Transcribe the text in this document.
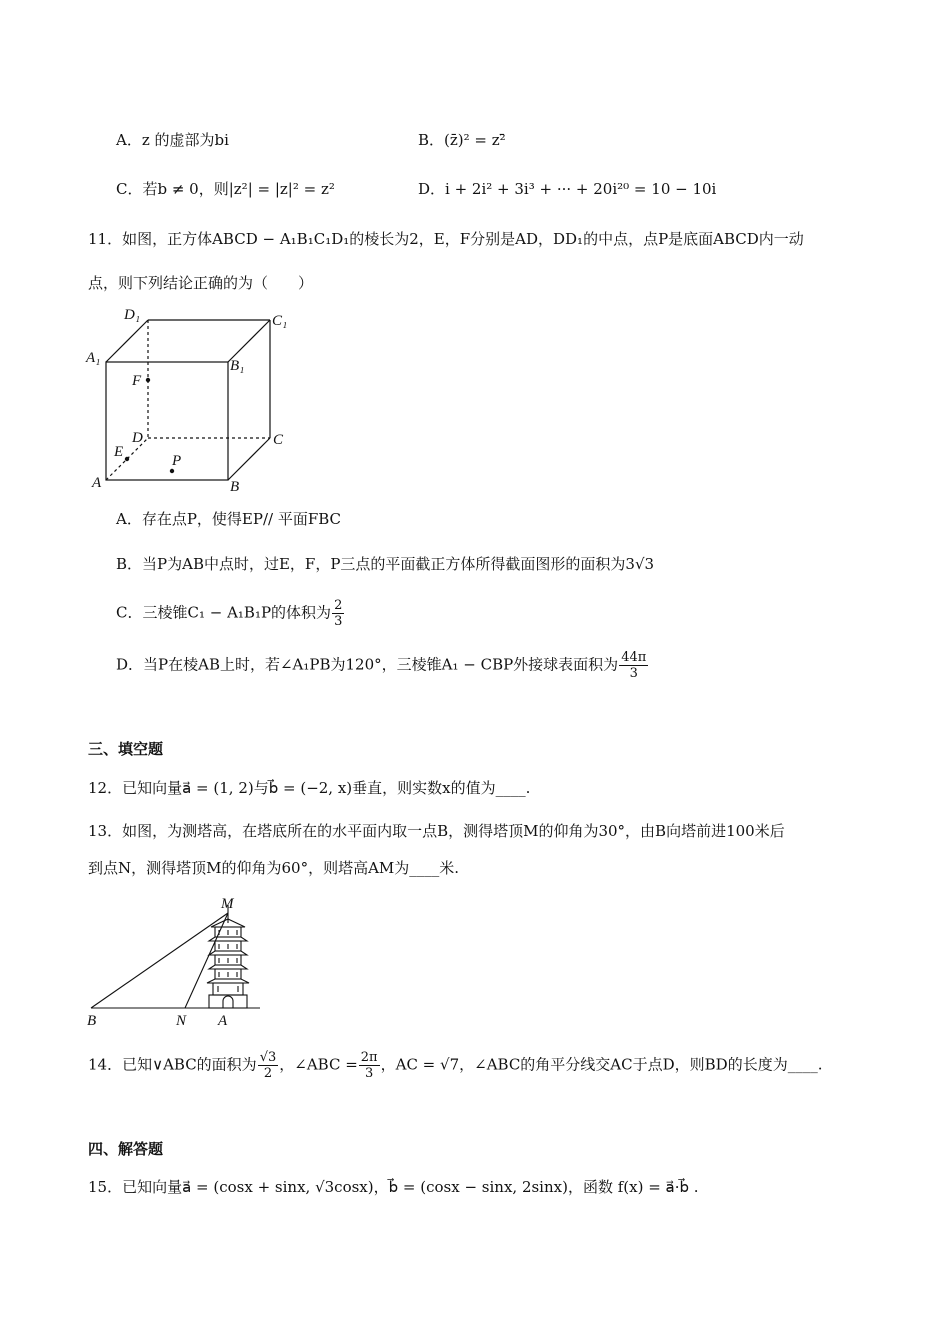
A．z 的虚部为bi	B．(z̄)² = z²̄
C．若b ≠ 0，则|z²| = |z|² = z²	D．i + 2i² + 3i³ + ··· + 20i²⁰ = 10 − 10i
11．如图，正方体ABCD − A₁B₁C₁D₁的棱长为2，E，F分别是AD，DD₁的中点，点P是底面ABCD内一动
点，则下列结论正确的为（　　）
D₁	C₁
A₁	B₁
F
D	C
E
P
A	B
A．存在点P，使得EP// 平面FBC
B．当P为AB中点时，过E，F，P三点的平面截正方体所得截面图形的面积为3√3
C．三棱锥C₁ − A₁B₁P的体积为 $\frac{2}{3}$
D．当P在棱AB上时，若∠A₁PB为120°，三棱锥A₁ − CBP外接球表面积为 $\frac{44\pi}{3}$
三、填空题
12．已知向量a⃗ = (1, 2)与b⃗ = (−2, x)垂直，则实数x的值为____.
13．如图，为测塔高，在塔底所在的水平面内取一点B，测得塔顶M的仰角为30°，由B向塔前进100米后
到点N，测得塔顶M的仰角为60°，则塔高AM为____米.
M
B	N A
14．已知∨ABC的面积为 $\frac{√3}{2}$ ，∠ABC = $\frac{2\pi}{3}$ ，AC = √7，∠ABC的角平分线交AC于点D，则BD的长度为____.
四、解答题
15．已知向量a⃗ = (cosx + sinx, √3cosx)，b⃗ = (cosx − sinx, 2sinx)，函数 f(x) = a⃗·b⃗ .
